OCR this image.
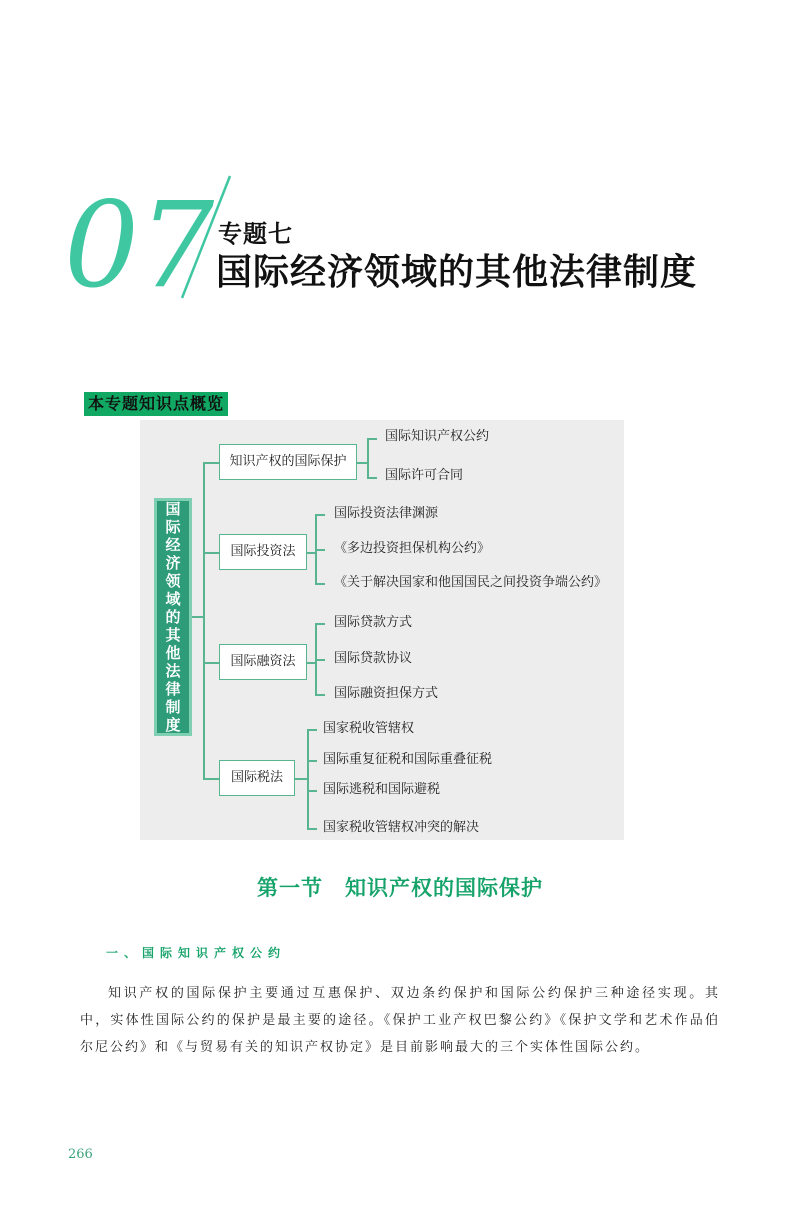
07 专题七
国际经济领域的其他法律制度
本专题知识点概览
国
际
经
济
领
域
的
其
他
法
律
制
度
知识产权的国际保护
国际知识产权公约
国际许可合同
国际投资法
国际投资法律渊源
《多边投资担保机构公约》
《关于解决国家和他国国民之间投资争端公约》
国际融资法
国际贷款方式
国际贷款协议
国际融资担保方式
国际税法
国家税收管辖权
国际重复征税和国际重叠征税
国际逃税和国际避税
国家税收管辖权冲突的解决
第一节　知识产权的国际保护
一、国际知识产权公约

知识产权的国际保护主要通过互惠保护、双边条约保护和国际公约保护三种途径实现。其中，实体性国际公约的保护是最主要的途径。《保护工业产权巴黎公约》《保护文学和艺术作品伯尔尼公约》和《与贸易有关的知识产权协定》是目前影响最大的三个实体性国际公约。

266
